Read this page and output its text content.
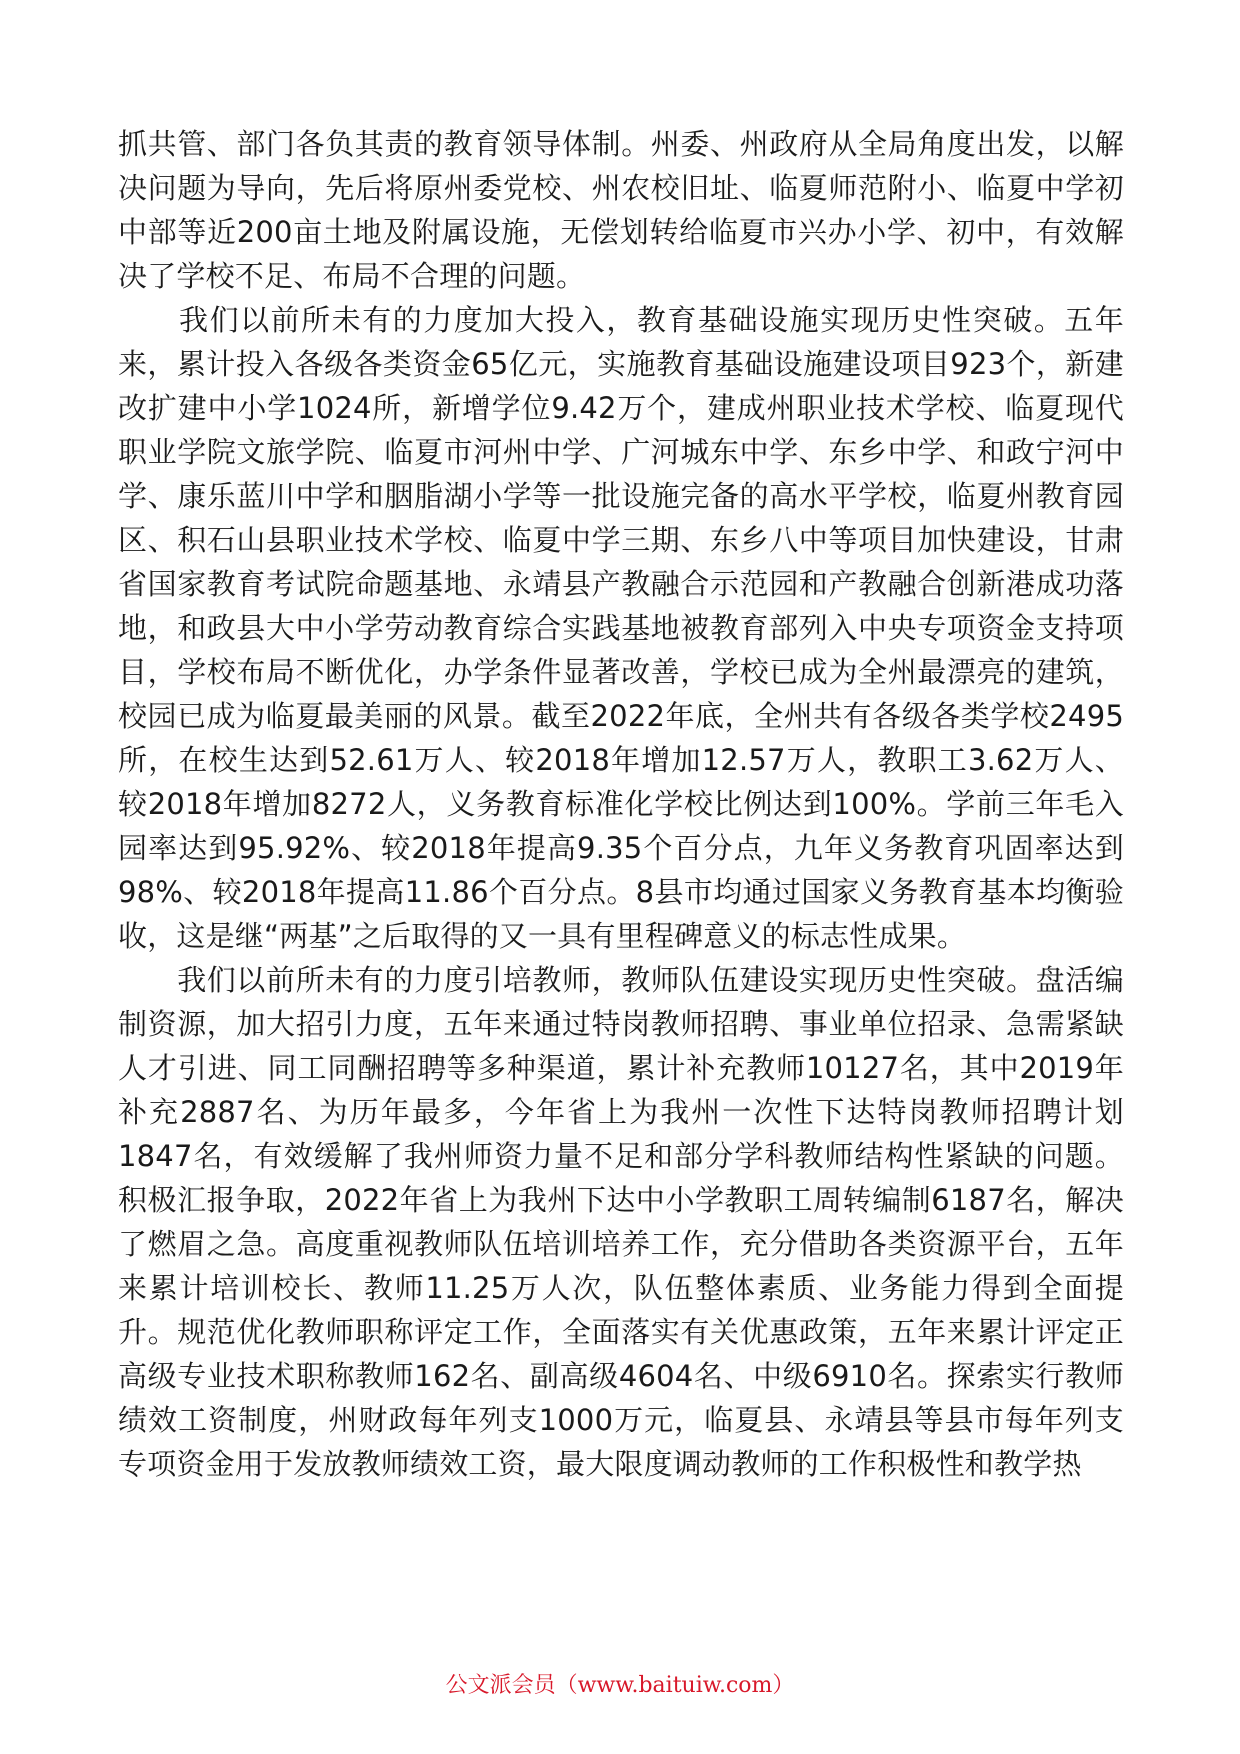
抓共管、部门各负其责的教育领导体制。州委、州政府从全局角度出发，以解
决问题为导向，先后将原州委党校、州农校旧址、临夏师范附小、临夏中学初
中部等近200亩土地及附属设施，无偿划转给临夏市兴办小学、初中，有效解
决了学校不足、布局不合理的问题。
　　我们以前所未有的力度加大投入，教育基础设施实现历史性突破。五年
来，累计投入各级各类资金65亿元，实施教育基础设施建设项目923个，新建
改扩建中小学1024所，新增学位9.42万个，建成州职业技术学校、临夏现代
职业学院文旅学院、临夏市河州中学、广河城东中学、东乡中学、和政宁河中
学、康乐蓝川中学和胭脂湖小学等一批设施完备的高水平学校，临夏州教育园
区、积石山县职业技术学校、临夏中学三期、东乡八中等项目加快建设，甘肃
省国家教育考试院命题基地、永靖县产教融合示范园和产教融合创新港成功落
地，和政县大中小学劳动教育综合实践基地被教育部列入中央专项资金支持项
目，学校布局不断优化，办学条件显著改善，学校已成为全州最漂亮的建筑，
校园已成为临夏最美丽的风景。截至2022年底，全州共有各级各类学校2495
所，在校生达到52.61万人、较2018年增加12.57万人，教职工3.62万人、
较2018年增加8272人，义务教育标准化学校比例达到100%。学前三年毛入
园率达到95.92%、较2018年提高9.35个百分点，九年义务教育巩固率达到
98%、较2018年提高11.86个百分点。8县市均通过国家义务教育基本均衡验
收，这是继“两基”之后取得的又一具有里程碑意义的标志性成果。
　　我们以前所未有的力度引培教师，教师队伍建设实现历史性突破。盘活编
制资源，加大招引力度，五年来通过特岗教师招聘、事业单位招录、急需紧缺
人才引进、同工同酬招聘等多种渠道，累计补充教师10127名，其中2019年
补充2887名、为历年最多，今年省上为我州一次性下达特岗教师招聘计划
1847名，有效缓解了我州师资力量不足和部分学科教师结构性紧缺的问题。
积极汇报争取，2022年省上为我州下达中小学教职工周转编制6187名，解决
了燃眉之急。高度重视教师队伍培训培养工作，充分借助各类资源平台，五年
来累计培训校长、教师11.25万人次，队伍整体素质、业务能力得到全面提
升。规范优化教师职称评定工作，全面落实有关优惠政策，五年来累计评定正
高级专业技术职称教师162名、副高级4604名、中级6910名。探索实行教师
绩效工资制度，州财政每年列支1000万元，临夏县、永靖县等县市每年列支
专项资金用于发放教师绩效工资，最大限度调动教师的工作积极性和教学热
公文派会员（www.baituiw.com）
